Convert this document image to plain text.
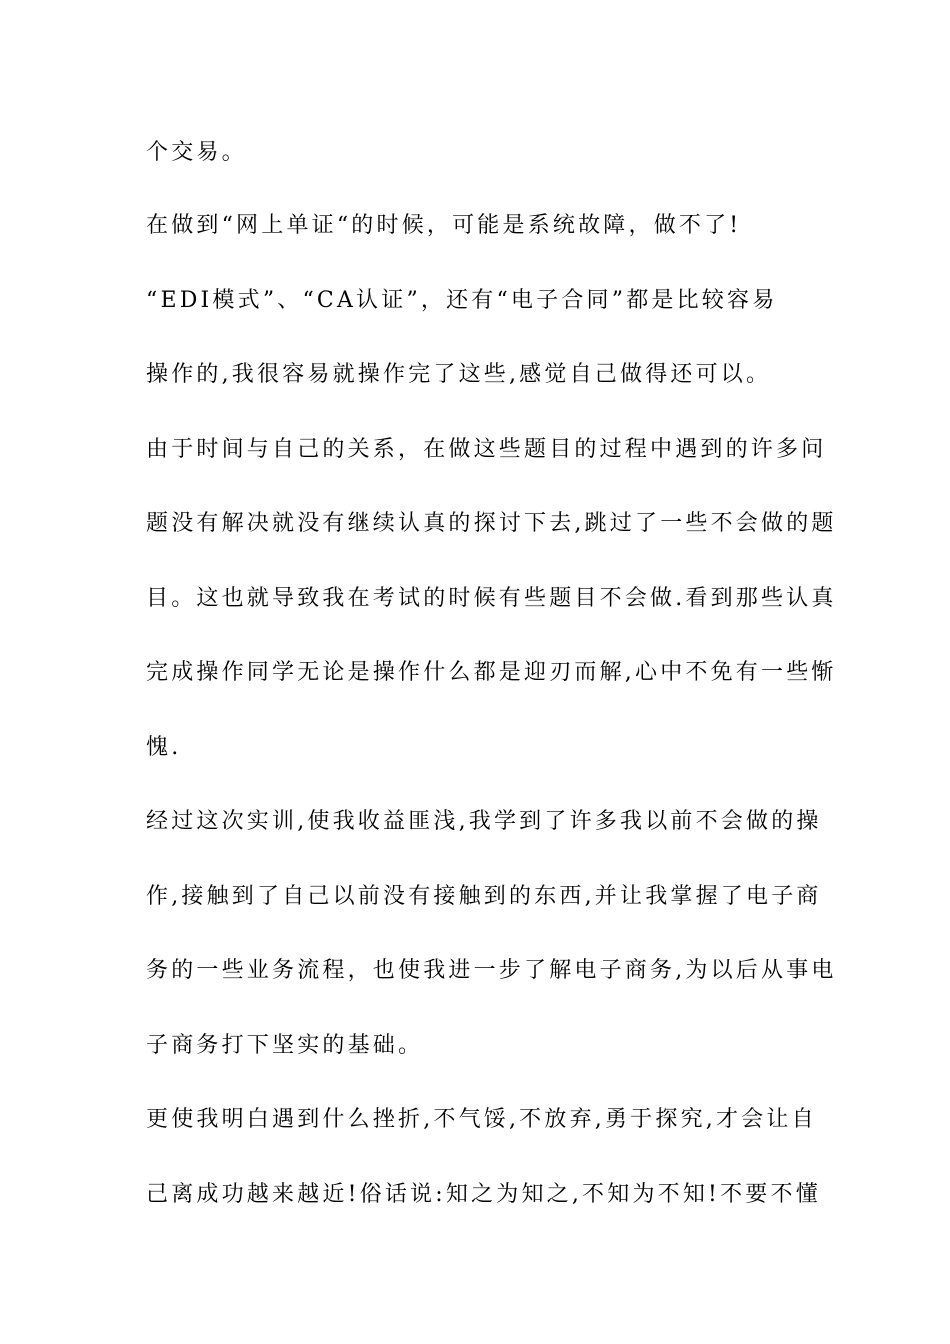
个交易。
在做到“网上单证“的时候，可能是系统故障，做不了!
“EDI模式”、“CA认证”，还有“电子合同”都是比较容易
操作的,我很容易就操作完了这些,感觉自己做得还可以。
由于时间与自己的关系，在做这些题目的过程中遇到的许多问
题没有解决就没有继续认真的探讨下去,跳过了一些不会做的题
目。这也就导致我在考试的时候有些题目不会做.看到那些认真
完成操作同学无论是操作什么都是迎刃而解,心中不免有一些惭
愧.
经过这次实训,使我收益匪浅,我学到了许多我以前不会做的操
作,接触到了自己以前没有接触到的东西,并让我掌握了电子商
务的一些业务流程，也使我进一步了解电子商务,为以后从事电
子商务打下坚实的基础。
更使我明白遇到什么挫折,不气馁,不放弃,勇于探究,才会让自
己离成功越来越近!俗话说:知之为知之,不知为不知!不要不懂
